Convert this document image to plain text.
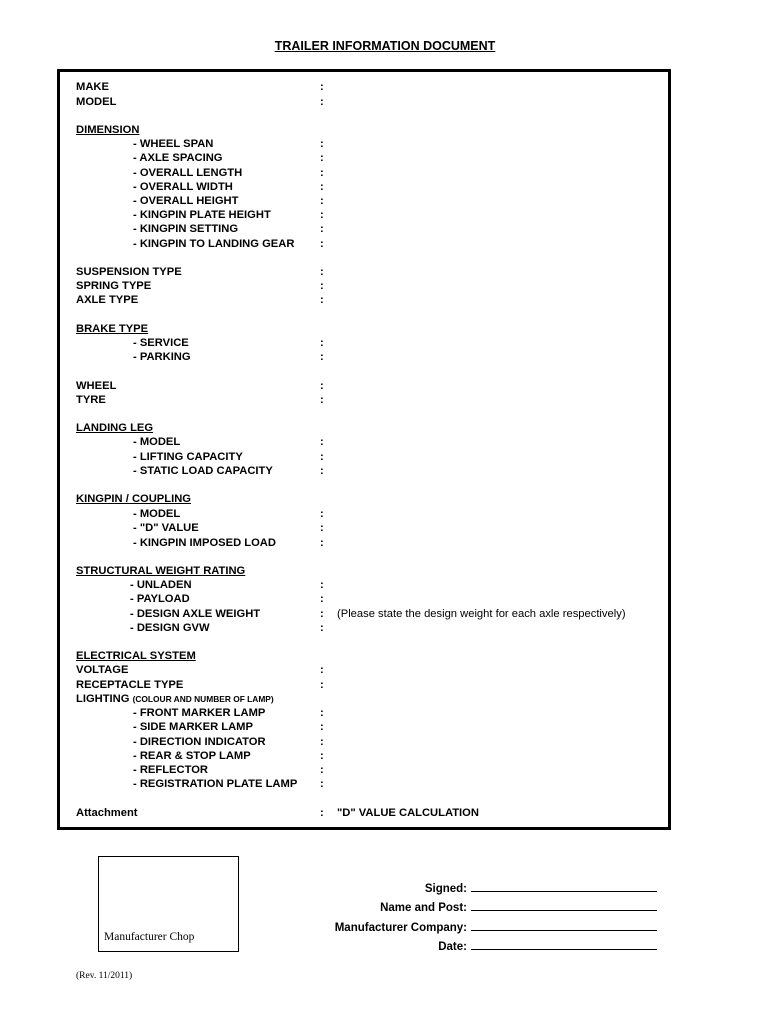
TRAILER INFORMATION DOCUMENT
MAKE	:
MODEL	:
DIMENSION
- WHEEL SPAN	:
- AXLE SPACING	:
- OVERALL LENGTH	:
- OVERALL WIDTH	:
- OVERALL HEIGHT	:
- KINGPIN PLATE HEIGHT	:
- KINGPIN SETTING	:
- KINGPIN TO LANDING GEAR :
SUSPENSION TYPE	:
SPRING TYPE	:
AXLE TYPE	:
BRAKE TYPE
- SERVICE	:
- PARKING	:
WHEEL	:
TYRE	:
LANDING LEG
- MODEL	:
- LIFTING CAPACITY	:
- STATIC LOAD CAPACITY	:
KINGPIN / COUPLING
- MODEL	:
- "D" VALUE	:
- KINGPIN IMPOSED LOAD	:
STRUCTURAL WEIGHT RATING
- UNLADEN	:
- PAYLOAD	:
- DESIGN AXLE WEIGHT	: (Please state the design weight for each axle respectively)
- DESIGN GVW	:
ELECTRICAL SYSTEM
VOLTAGE	:
RECEPTACLE TYPE	:
LIGHTING (COLOUR AND NUMBER OF LAMP)
- FRONT MARKER LAMP	:
- SIDE MARKER LAMP	:
- DIRECTION INDICATOR	:
- REAR & STOP LAMP	:
- REFLECTOR	:
- REGISTRATION PLATE LAMP :
Attachment	: "D" VALUE CALCULATION
Manufacturer Chop
Signed:
Name and Post:
Manufacturer Company:
Date:
(Rev. 11/2011)
